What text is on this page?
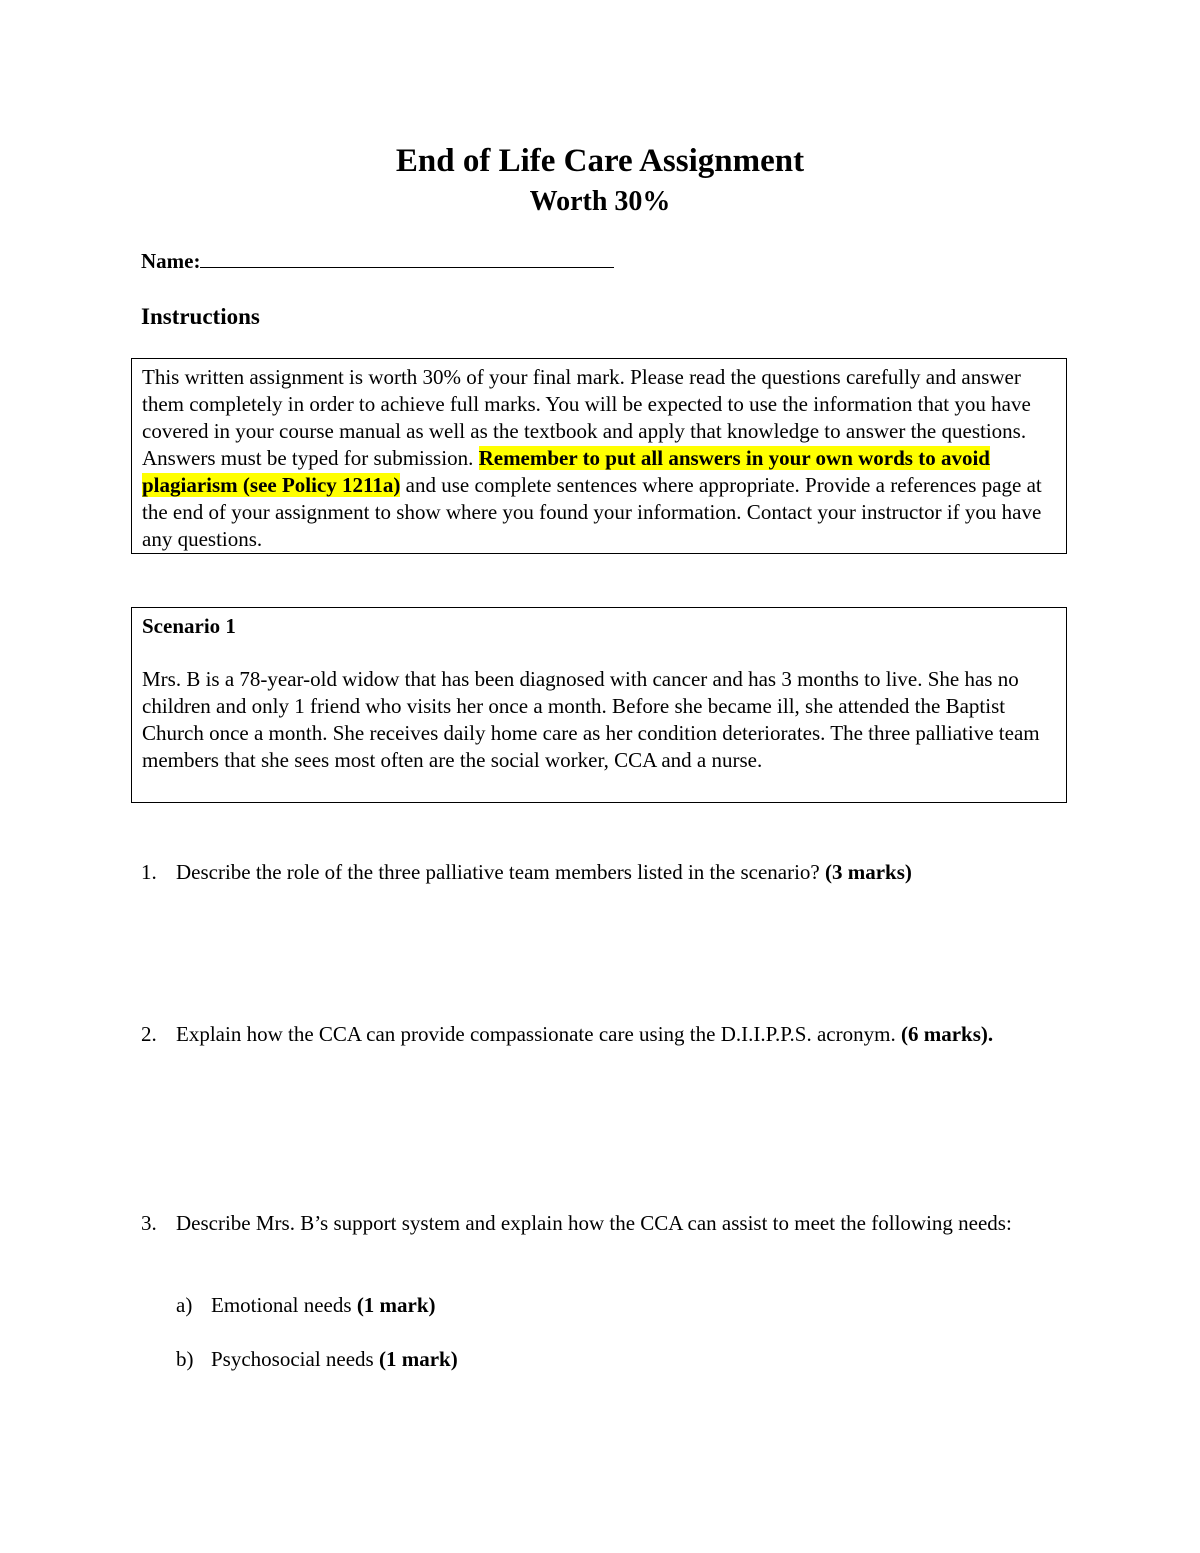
End of Life Care Assignment
Worth 30%
Name:
Instructions
This written assignment is worth 30% of your final mark. Please read the questions carefully and answer them completely in order to achieve full marks. You will be expected to use the information that you have covered in your course manual as well as the textbook and apply that knowledge to answer the questions. Answers must be typed for submission. Remember to put all answers in your own words to avoid plagiarism (see Policy 1211a) and use complete sentences where appropriate. Provide a references page at the end of your assignment to show where you found your information. Contact your instructor if you have any questions.
Scenario 1
Mrs. B is a 78-year-old widow that has been diagnosed with cancer and has 3 months to live. She has no children and only 1 friend who visits her once a month. Before she became ill, she attended the Baptist Church once a month. She receives daily home care as her condition deteriorates. The three palliative team members that she sees most often are the social worker, CCA and a nurse.
1. Describe the role of the three palliative team members listed in the scenario? (3 marks)
2. Explain how the CCA can provide compassionate care using the D.I.I.P.P.S. acronym. (6 marks).
3. Describe Mrs. B’s support system and explain how the CCA can assist to meet the following needs:
a) Emotional needs (1 mark)
b) Psychosocial needs (1 mark)
